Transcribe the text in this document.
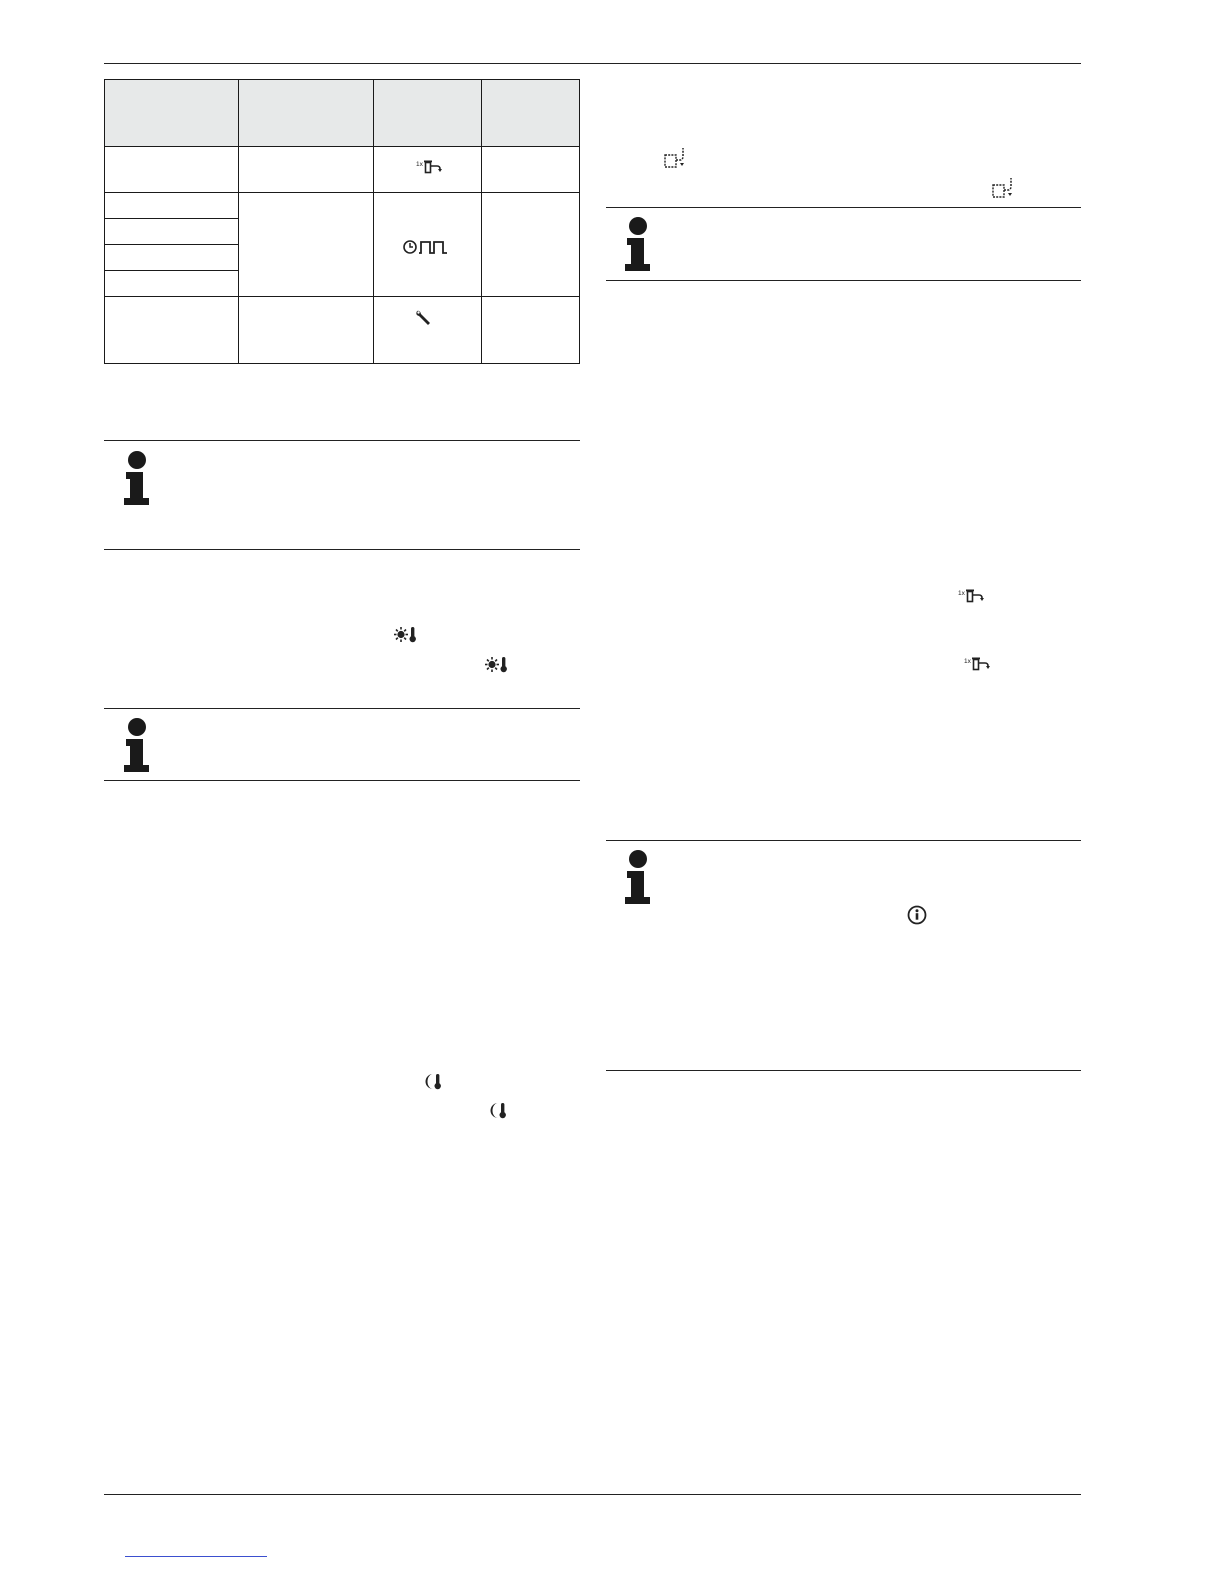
1x
1x
1x
